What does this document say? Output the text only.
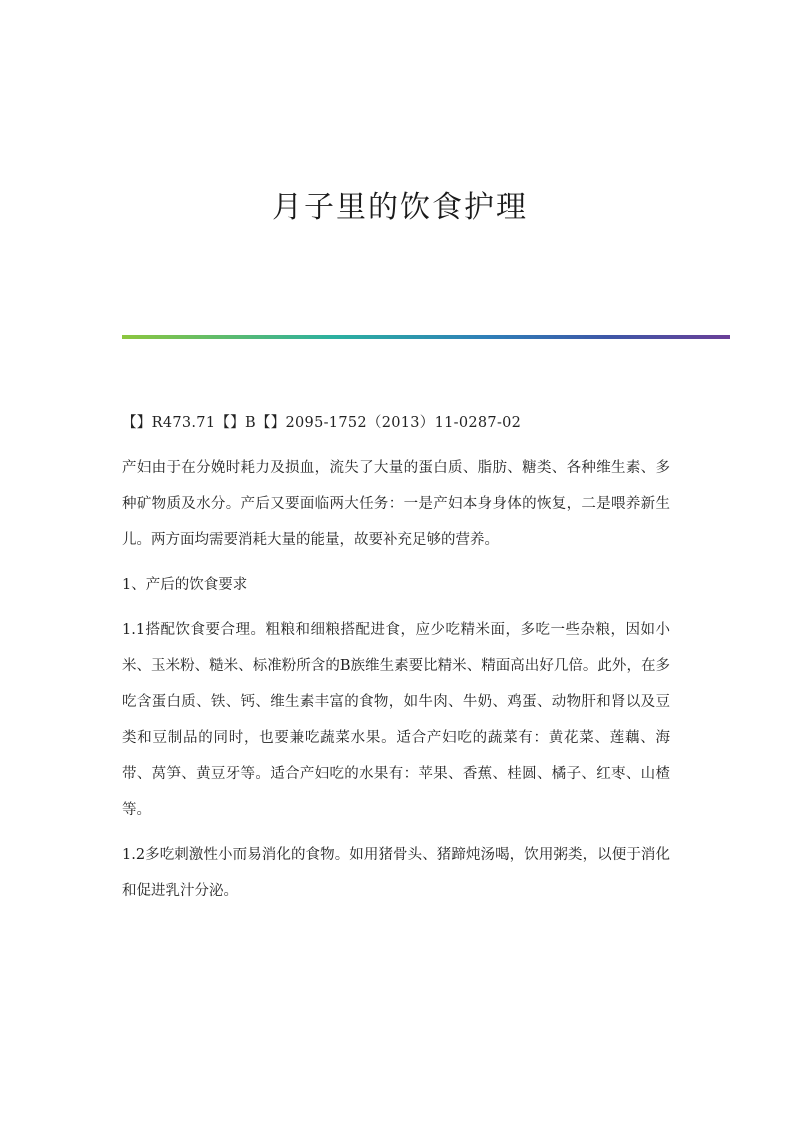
月子里的饮食护理

【】R473.71【】B【】2095-1752（2013）11-0287-02

产妇由于在分娩时耗力及损血，流失了大量的蛋白质、脂肪、糖类、各种维生素、多种矿物质及水分。产后又要面临两大任务：一是产妇本身身体的恢复，二是喂养新生儿。两方面均需要消耗大量的能量，故要补充足够的营养。

1、产后的饮食要求

1.1搭配饮食要合理。粗粮和细粮搭配进食，应少吃精米面，多吃一些杂粮，因如小米、玉米粉、糙米、标准粉所含的B族维生素要比精米、精面高出好几倍。此外，在多吃含蛋白质、铁、钙、维生素丰富的食物，如牛肉、牛奶、鸡蛋、动物肝和肾以及豆类和豆制品的同时，也要兼吃蔬菜水果。适合产妇吃的蔬菜有：黄花菜、莲藕、海带、莴笋、黄豆牙等。适合产妇吃的水果有：苹果、香蕉、桂圆、橘子、红枣、山楂等。

1.2多吃刺激性小而易消化的食物。如用猪骨头、猪蹄炖汤喝，饮用粥类，以便于消化和促进乳汁分泌。
